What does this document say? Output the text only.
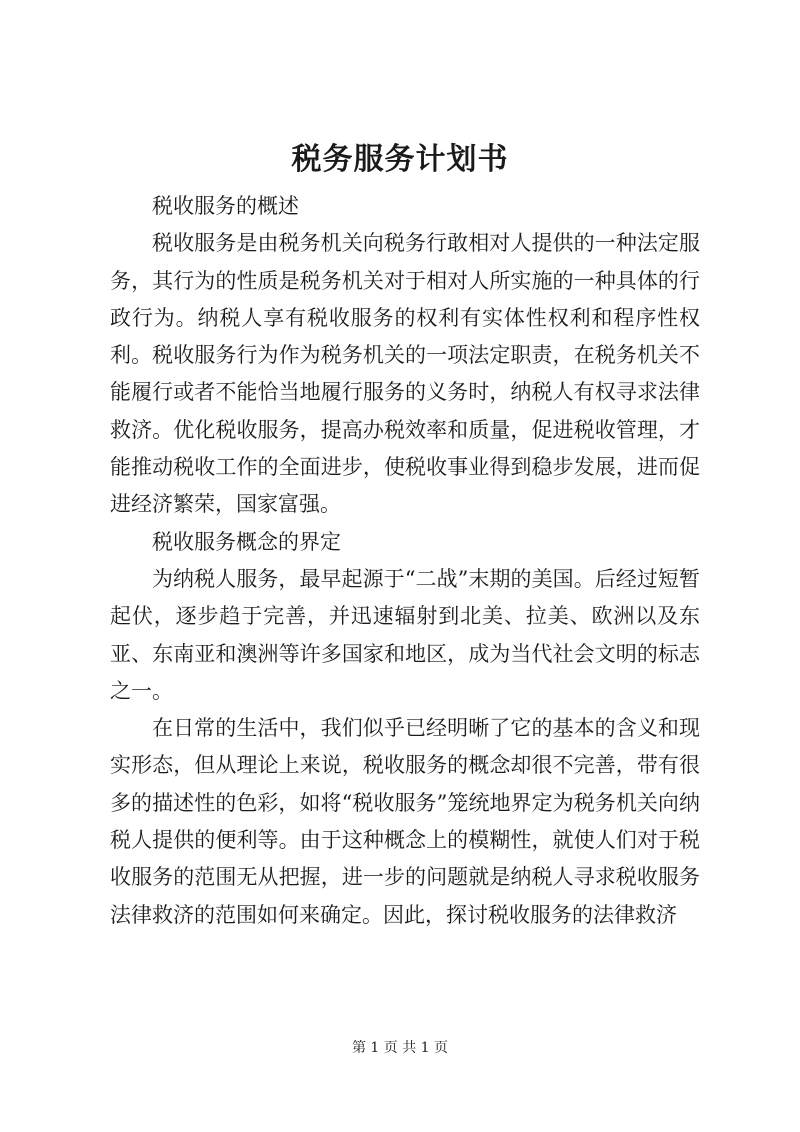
税务服务计划书

税收服务的概述

税收服务是由税务机关向税务行敢相对人提供的一种法定服务，其行为的性质是税务机关对于相对人所实施的一种具体的行政行为。纳税人享有税收服务的权利有实体性权利和程序性权利。税收服务行为作为税务机关的一项法定职责，在税务机关不能履行或者不能恰当地履行服务的义务时，纳税人有权寻求法律救济。优化税收服务，提高办税效率和质量，促进税收管理，才能推动税收工作的全面进步，使税收事业得到稳步发展，进而促进经济繁荣，国家富强。

税收服务概念的界定

为纳税人服务，最早起源于“二战”末期的美国。后经过短暂起伏，逐步趋于完善，并迅速辐射到北美、拉美、欧洲以及东亚、东南亚和澳洲等许多国家和地区，成为当代社会文明的标志之一。

在日常的生活中，我们似乎已经明晰了它的基本的含义和现实形态，但从理论上来说，税收服务的概念却很不完善，带有很多的描述性的色彩，如将“税收服务”笼统地界定为税务机关向纳税人提供的便利等。由于这种概念上的模糊性，就使人们对于税收服务的范围无从把握，进一步的问题就是纳税人寻求税收服务法律救济的范围如何来确定。因此，探讨税收服务的法律救济

第 1 页 共 1 页
